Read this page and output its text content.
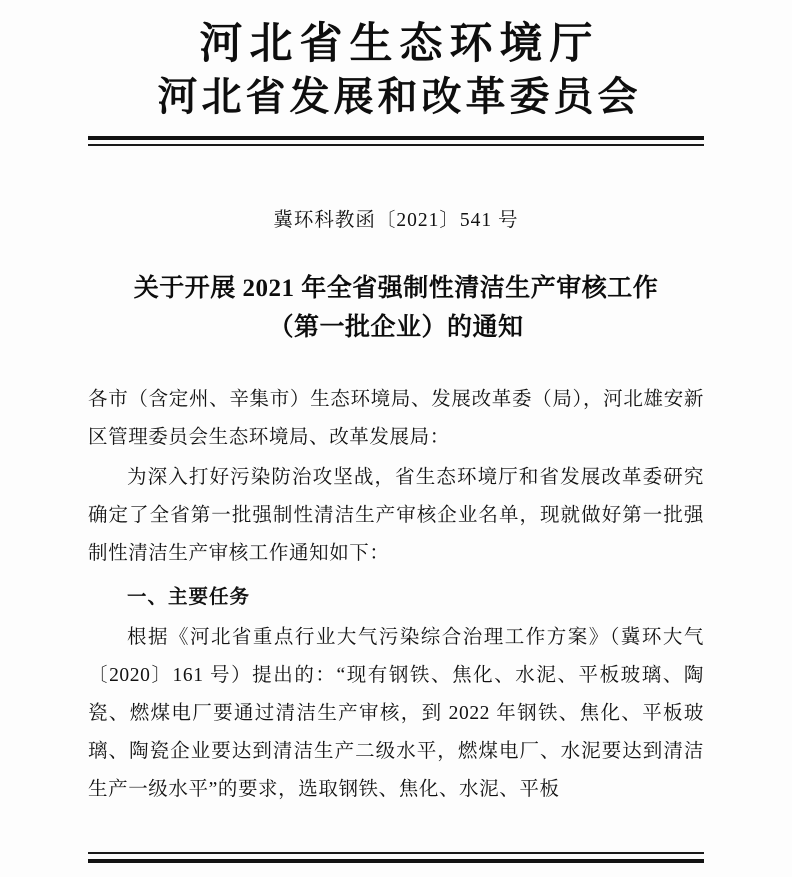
河北省生态环境厅
河北省发展和改革委员会
冀环科教函〔2021〕541 号
关于开展 2021 年全省强制性清洁生产审核工作
（第一批企业）的通知

各市（含定州、辛集市）生态环境局、发展改革委（局），河北雄安新区管理委员会生态环境局、改革发展局：

为深入打好污染防治攻坚战，省生态环境厅和省发展改革委研究确定了全省第一批强制性清洁生产审核企业名单，现就做好第一批强制性清洁生产审核工作通知如下：

一、主要任务

根据《河北省重点行业大气污染综合治理工作方案》（冀环大气〔2020〕161 号）提出的：“现有钢铁、焦化、水泥、平板玻璃、陶瓷、燃煤电厂要通过清洁生产审核，到 2022 年钢铁、焦化、平板玻璃、陶瓷企业要达到清洁生产二级水平，燃煤电厂、水泥要达到清洁生产一级水平”的要求，选取钢铁、焦化、水泥、平板
